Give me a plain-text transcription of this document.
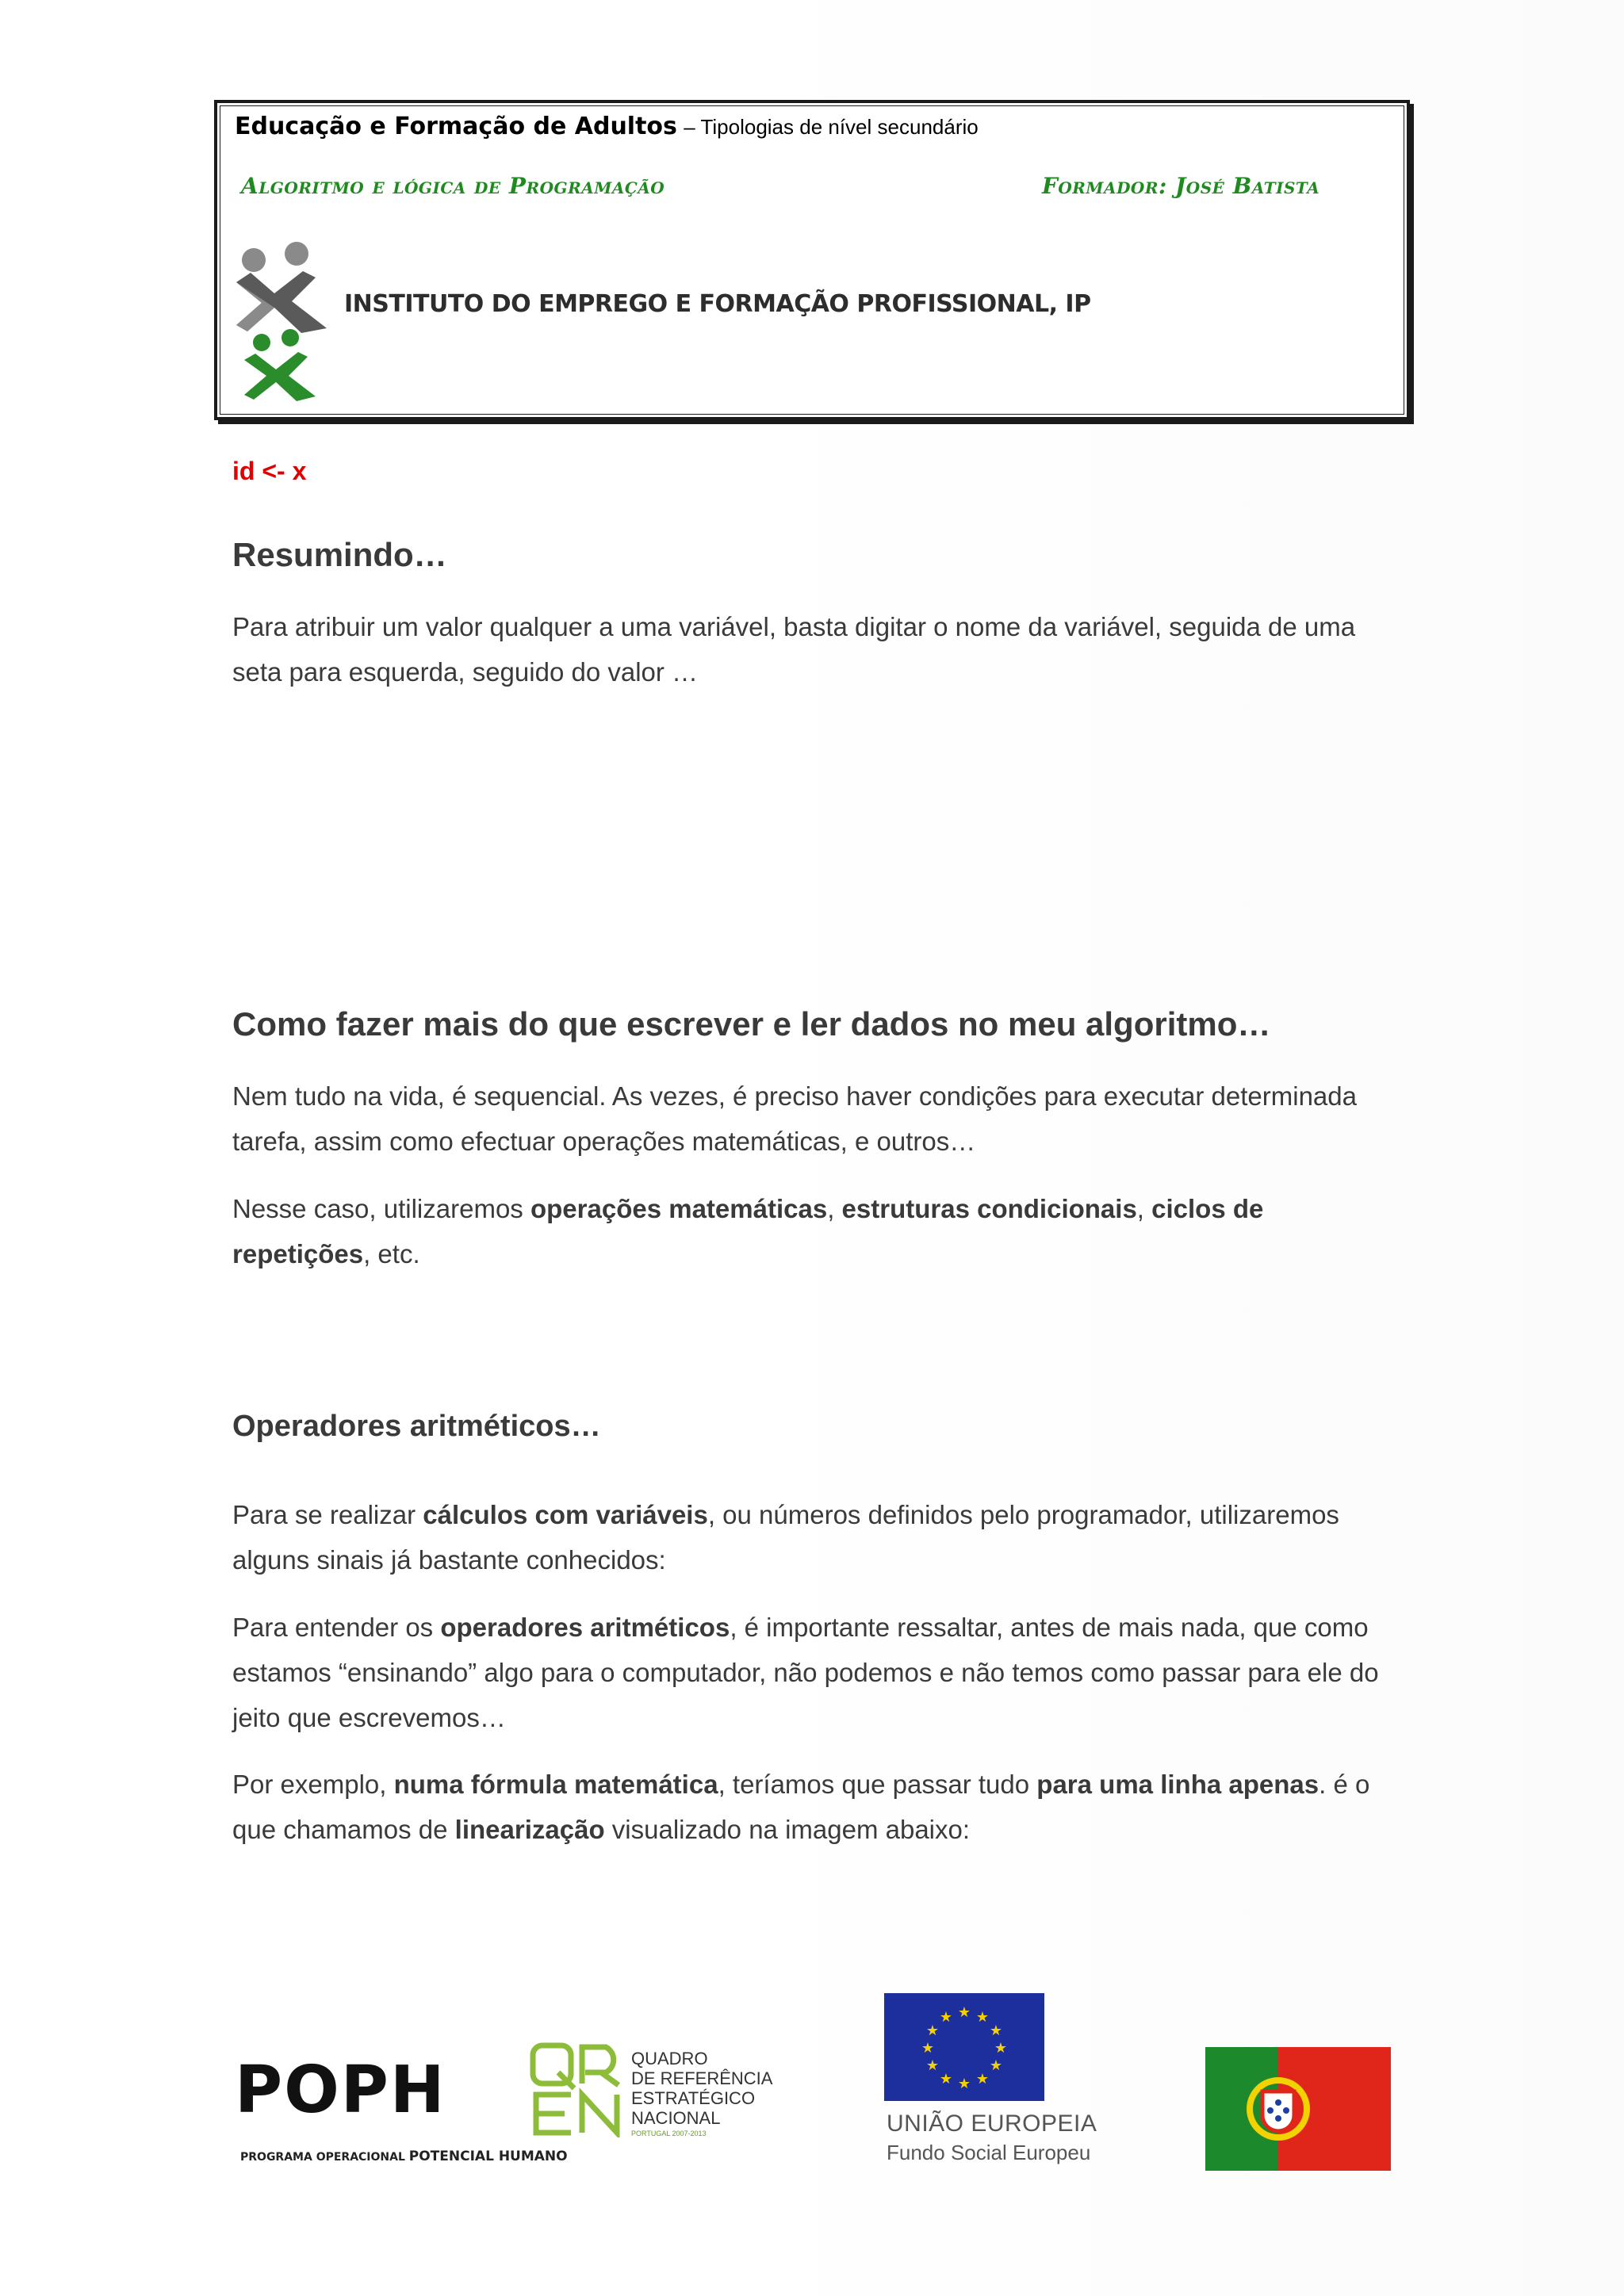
Educação e Formação de Adultos – Tipologias de nível secundário
Algoritmo e lógica de Programação	Formador: José Batista
INSTITUTO DO EMPREGO E FORMAÇÃO PROFISSIONAL, IP
id <- x
Resumindo…

Para atribuir um valor qualquer a uma variável, basta digitar o nome da variável, seguida de uma seta para esquerda, seguido do valor …

Como fazer mais do que escrever e ler dados no meu algoritmo…

Nem tudo na vida, é sequencial. As vezes, é preciso haver condições para executar determinada tarefa, assim como efectuar operações matemáticas, e outros…

Nesse caso, utilizaremos operações matemáticas, estruturas condicionais, ciclos de repetições, etc.

Operadores aritméticos…

Para se realizar cálculos com variáveis, ou números definidos pelo programador, utilizaremos alguns sinais já bastante conhecidos:

Para entender os operadores aritméticos, é importante ressaltar, antes de mais nada, que como estamos “ensinando” algo para o computador, não podemos e não temos como passar para ele do jeito que escrevemos…

Por exemplo, numa fórmula matemática, teríamos que passar tudo para uma linha apenas. é o que chamamos de linearização visualizado na imagem abaixo:

POPH
PROGRAMA OPERACIONAL POTENCIAL HUMANO
QUADRO
DE REFERÊNCIA
ESTRATÉGICO
NACIONAL
PORTUGAL 2007-2013
★ ★
★
★
★
★
★
★
★
★
★
★
UNIÃO EUROPEIA
Fundo Social Europeu
